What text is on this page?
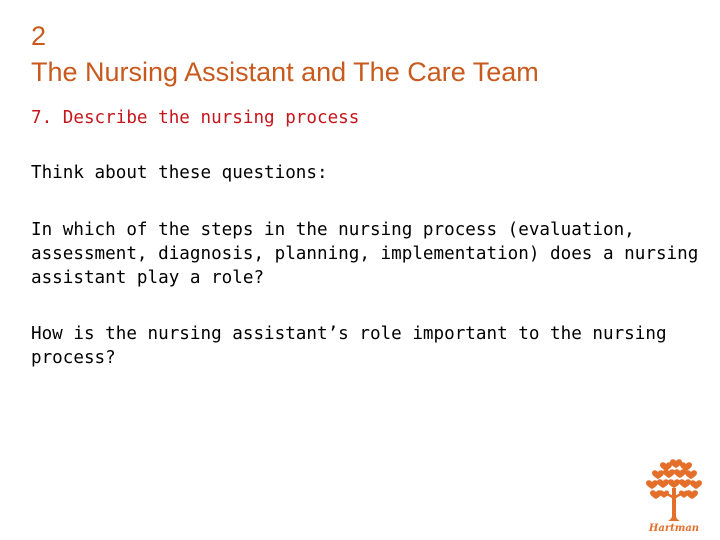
2
The Nursing Assistant and The Care Team

7. Describe the nursing process

Think about these questions:

In which of the steps in the nursing process (evaluation, assessment, diagnosis, planning, implementation) does a nursing assistant play a role?

How is the nursing assistant’s role important to the nursing process?

Hartman
